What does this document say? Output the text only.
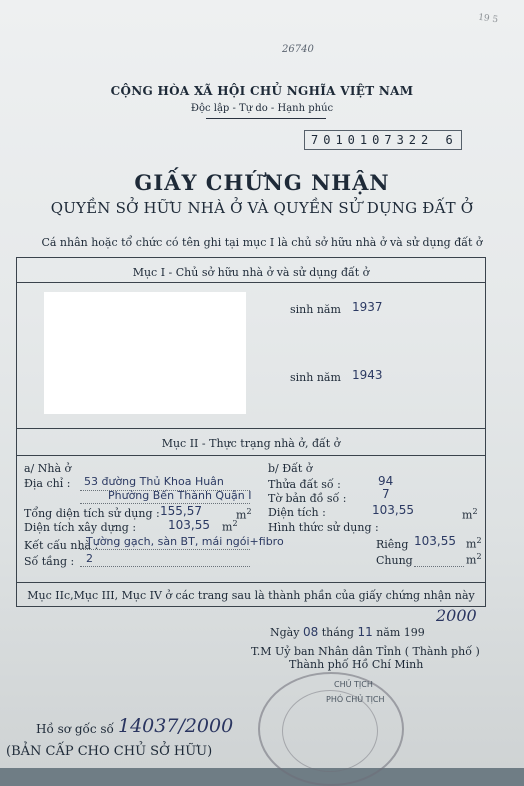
19 5
26740
CỘNG HÒA XÃ HỘI CHỦ NGHĨA VIỆT NAM
Độc lập - Tự do - Hạnh phúc
7010107322 6
GIẤY CHỨNG NHẬN
QUYỀN SỞ HỮU NHÀ Ở VÀ QUYỀN SỬ DỤNG ĐẤT Ở
Cá nhân hoặc tổ chức có tên ghi tại mục I là chủ sở hữu nhà ở và sử dụng đất ở
Mục I - Chủ sở hữu nhà ở và sử dụng đất ở
sinh năm 1937
sinh năm 1943
Mục II - Thực trạng nhà ở, đất ở
a/ Nhà ở
Địa chỉ : 53 đường Thủ Khoa Huân
Phường Bến Thành Quận I
Tổng diện tích sử dụng : 155,57	$m^2$
Diện tích xây dựng :	103,55 $m^2$
Kết cấu nhà :
Tường gạch, sàn BT, mái ngói+fibro
Số tầng : 2
b/ Đất ở
Thửa đất số :	94
Tờ bản đồ số :	7
Diện tích :	103,55	$m^2$
Hình thức sử dụng :
Riêng 103,55 $m^2$
Chung	$m^2$
Mục IIc,Mục III, Mục IV ở các trang sau là thành phần của giấy chứng nhận này
Ngày 08 tháng 11 năm 199
2000
T.M Uỷ ban Nhân dân Tỉnh ( Thành phố )
Thành phố Hồ Chí Minh
CHỦ TỊCH
PHÓ CHỦ TỊCH
Hồ sơ gốc số 14037/2000
(BẢN CẤP CHO CHỦ SỞ HỮU)
